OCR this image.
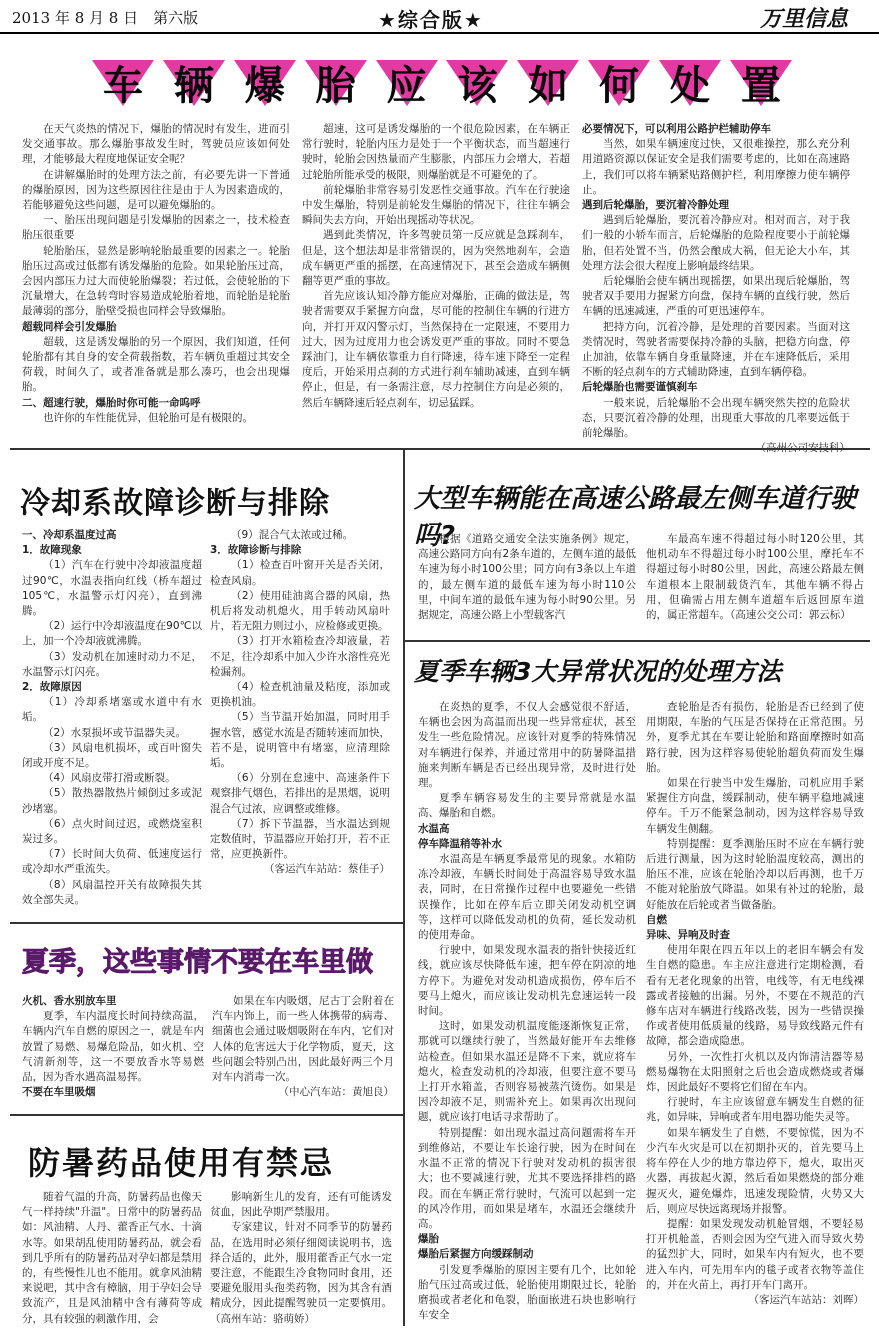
2013 年 8 月 8 日　第六版	★综合版★	万里信息
车 辆 爆 胎 应 该 如 何 处 置

在天气炎热的情况下，爆胎的情况时有发生，进而引发交通事故。那么爆胎事故发生时，驾驶员应该如何处理，才能够最大程度地保证安全呢？

在讲解爆胎时的处理方法之前，有必要先讲一下普通的爆胎原因，因为这些原因往往是由于人为因素造成的，若能够避免这些问题，是可以避免爆胎的。

一、胎压出现问题是引发爆胎的因素之一，技术检查胎压很重要

轮胎胎压，显然是影响轮胎最重要的因素之一。轮胎胎压过高或过低都有诱发爆胎的危险。如果轮胎压过高，会因内部压力过大而使轮胎爆裂；若过低，会使轮胎的下沉量增大，在急转弯时容易造成轮胎着地，而轮胎是轮胎最薄弱的部分，胎壁受损也同样会导致爆胎。

超载同样会引发爆胎

超载，这是诱发爆胎的另一个原因，我们知道，任何轮胎都有其自身的安全荷载指数，若车辆负重超过其安全荷载，时间久了，或者准备就是那么凑巧，也会出现爆胎。

二、超速行驶，爆胎时你可能一命呜呼

也许你的车性能优异，但轮胎可是有极限的。

超速，这可是诱发爆胎的一个很危险因素，在车辆正常行驶时，轮胎内压力是处于一个平衡状态，而当超速行驶时，轮胎会因热量而产生膨胀，内部压力会增大，若超过轮胎所能承受的极限，则爆胎就是不可避免的了。

前轮爆胎非常容易引发恶性交通事故。汽车在行驶途中发生爆胎，特别是前轮发生爆胎的情况下，往往车辆会瞬间失去方向，开始出现摇动等状况。

遇到此类情况，许多驾驶员第一反应就是急踩刹车，但是，这个想法却是非常错误的，因为突然地刹车，会造成车辆更严重的摇摆，在高速情况下，甚至会造成车辆侧翻等更严重的事故。

首先应该认知冷静方能应对爆胎，正确的做法是，驾驶者需要双手紧握方向盘，尽可能的控制住车辆的行进方向，并打开双闪警示灯，当然保持在一定限速，不要用力过大，因为过度用力也会诱发更严重的事故。同时不要急踩油门，让车辆依靠重力自行降速，待车速下降至一定程度后，开始采用点刹的方式进行刹车辅助减速，直到车辆停止，但是，有一条需注意，尽力控制住方向是必须的，然后车辆降速后轻点刹车，切忌猛踩。

必要情况下，可以利用公路护栏辅助停车

当然，如果车辆速度过快，又很难操控，那么充分利用道路资源以保证安全是我们需要考虑的，比如在高速路上，我们可以将车辆紧贴路侧护栏，利用摩擦力使车辆停止。

遇到后轮爆胎，要沉着冷静处理

遇到后轮爆胎，要沉着冷静应对。相对而言，对于我们一般的小轿车而言，后轮爆胎的危险程度要小于前轮爆胎，但若处置不当，仍然会酿成大祸，但无论大小车，其处理方法会很大程度上影响最终结果。

后轮爆胎会使车辆出现摇摆，如果出现后轮爆胎，驾驶者双手要用力握紧方向盘，保持车辆的直线行驶，然后车辆的迅速减速，严重的可更迅速停车。

把持方向，沉着冷静，是处理的首要因素。当面对这类情况时，驾驶者需要保持冷静的头脑，把稳方向盘，停止加油，依靠车辆自身重量降速，并在车速降低后，采用不断的轻点刹车的方式辅助降速，直到车辆停稳。

后轮爆胎也需要谨慎刹车

一般来说，后轮爆胎不会出现车辆突然失控的危险状态，只要沉着冷静的处理，出现重大事故的几率要远低于前轮爆胎。

（高州公司安技科）

冷却系故障诊断与排除

一、冷却系温度过高

1．故障现象

（1）汽车在行驶中冷却液温度超过90℃，水温表指向红线（桥车超过105℃，水温警示灯闪亮），直到沸腾。

（2）运行中冷却液温度在90℃以上，加一个冷却液就沸腾。

（3）发动机在加速时动力不足，水温警示灯闪亮。

2．故障原因

（1）冷却系堵塞或水道中有水垢。

（2）水泵损坏或节温器失灵。

（3）风扇电机损坏，或百叶窗失闭或开度不足。

（4）风扇皮带打滑或断裂。

（5）散热器散热片倾倒过多或泥沙堵塞。

（6）点火时间过迟，或燃烧室积炭过多。

（7）长时间大负荷、低速度运行或冷却水严重流失。

（8）风扇温控开关有故障损失其效全部失灵。

（9）混合气太浓或过稀。

3．故障诊断与排除

（1）检查百叶窗开关是否关闭，检查风扇。

（2）使用硅油离合器的风扇，热机后将发动机熄火，用手转动风扇叶片，若无阻力则过小，应检修或更换。

（3）打开水箱检查冷却液量，若不足，往冷却系中加入少许水溶性亮光检漏剂。

（4）检查机油量及粘度，添加或更换机油。

（5）当节温开始加温，同时用手握水管，感觉水流是否随转速而加快，若不是，说明管中有堵塞，应清理除垢。

（6）分别在怠速中、高速条件下观察排气烟色，若排出的是黑烟，说明混合气过浓，应调整或维修。

（7）拆下节温器，当水温达到规定数值时，节温器应开始打开，若不正常，应更换新件。

（客运汽车站站：蔡佳子）

大型车辆能在高速公路最左侧车道行驶吗?

根据《道路交通安全法实施条例》规定，高速公路同方向有2条车道的，左侧车道的最低车速为每小时100公里；同方向有3条以上车道的，最左侧车道的最低车速为每小时110公里，中间车道的最低车速为每小时90公里。另据规定，高速公路上小型载客汽

车最高车速不得超过每小时120公里，其他机动车不得超过每小时100公里，摩托车不得超过每小时80公里，因此，高速公路最左侧车道根本上限制载货汽车，其他车辆不得占用，但确需占用左侧车道超车后返回原车道的，属正常超车。（高速公交公司：郭云标）

夏季车辆3大异常状况的处理方法

在炎热的夏季，不仅人会感觉很不舒适，车辆也会因为高温而出现一些异常症状，甚至发生一些危险情况。应该针对夏季的特殊情况对车辆进行保养，并通过常用中的防暑降温措施来判断车辆是否已经出现异常，及时进行处理。

夏季车辆容易发生的主要异常就是水温高、爆胎和自燃。

水温高

停车降温稍等补水

水温高是车辆夏季最常见的现象。水箱防冻冷却液，车辆长时间处于高温容易导致水温表，同时，在日常操作过程中也要避免一些错误操作，比如在停车后立即关闭发动机空调等，这样可以降低发动机的负荷，延长发动机的使用寿命。

行驶中，如果发现水温表的指针快接近红线，就应该尽快降低车速，把车停在阴凉的地方停下。为避免对发动机造成损伤，停车后不要马上熄火，而应该让发动机先怠速运转一段时间。

这时，如果发动机温度能逐渐恢复正常，那就可以继续行驶了，当然最好能开车去维修站检查。但如果水温还是降不下来，就应将车熄火，检查发动机的冷却液，但要注意不要马上打开水箱盖，否则容易被蒸汽烫伤。如果是因冷却液不足，则需补充上。如果再次出现问题，就应该打电话寻求帮助了。

特别提醒：如出现水温过高问题需将车开到维修站，不要让车长途行驶，因为在时间在水温不正常的情况下行驶对发动机的损害很大；也不要减速行驶，尤其不要选择排档的路段。而在车辆正常行驶时，气流可以起到一定的风冷作用，而如果是堵车，水温还会继续升高。

爆胎

爆胎后紧握方向缓踩制动

引发夏季爆胎的原因主要有几个，比如轮胎气压过高或过低，轮胎使用期限过长，轮胎磨损或者老化和龟裂，胎面嵌进石块也影响行车安全

查轮胎是否有损伤，轮胎是否已经到了使用期限，车胎的气压是否保持在正常范围。另外，夏季尤其在车要让轮胎和路面摩擦时如高路行驶，因为这样容易使轮胎超负荷而发生爆胎。

如果在行驶当中发生爆胎，司机应用手紧紧握住方向盘，缓踩制动，使车辆平稳地减速停车。千万不能紧急制动，因为这样容易导致车辆发生侧翻。

特别提醒：夏季测胎压时不应在车辆行驶后进行测量，因为这时轮胎温度较高，测出的胎压不准，应该在轮胎冷却以后再测，也千万不能对轮胎放气降温。如果有补过的轮胎，最好能放在后轮或者当做备胎。

自燃

异味、异响及时查

使用年限在四五年以上的老旧车辆会有发生自燃的隐患。车主应注意进行定期检测，看看有无老化现象的出管，电线等，有无电线裸露或者接触的出漏。另外，不要在不规范的汽修车店对车辆进行线路改装，因为一些错误操作或者使用低质量的线路，易导致线路元件有故障，都会造成隐患。

另外，一次性打火机以及内饰清洁器等易燃易爆物在太阳照射之后也会造成燃烧或者爆炸，因此最好不要将它们留在车内。

行驶时，车主应该留意车辆发生自燃的征兆，如异味，异响或者车用电器功能失灵等。

如果车辆发生了自燃，不要惊慌，因为不少汽车火灾是可以在初期扑灭的，首先要马上将车停在人少的地方靠边停下，熄火，取出灭火器，再拔起火源，然后看如果燃烧的部分难握灭火，避免爆炸，迅速发现险情，火势又大后，则应尽快远离现场并报警。

提醒：如果发现发动机舱冒烟，不要轻易打开机舱盖，否则会因为空气进入而导致火势的猛烈扩大，同时，如果车内有短火，也不要进入车内，可先用车内的毯子或者衣物等盖住的，并在火苗上，再打开车门离开。

（客运汽车站站：刘晖）

夏季，这些事情不要在车里做

火机、香水别放车里

夏季，车内温度长时间持续高温，车辆内汽车自燃的原因之一，就是车内放置了易燃、易爆危险品，如火机、空气清新剂等，这一不要放香水等易燃品，因为香水遇高温易挥。

不要在车里吸烟

如果在车内吸烟，尼古丁会附着在汽车内饰上，而一些人体携带的病毒、细菌也会通过吸烟吸附在车内，它们对人体的危害远大于化学物质，夏天，这些问题会特别凸出，因此最好两三个月对车内消毒一次。

（中心汽车站：黄旭良）

防暑药品使用有禁忌

随着气温的升高，防暑药品也像天气一样持续"升温"。日常中的防暑药品如：风油精、人丹、藿香正气水、十滴水等。如果胡乱使用防暑药品，就会看到几乎所有的防暑药品对孕妇都是禁用的，有些慢性儿也不能用。就拿风油精来说吧，其中含有樟脑，用于孕妇会导致流产，且是风油精中含有薄荷等成分，具有较强的刺激作用，会

影响新生儿的发育，还有可能诱发贫血，因此孕期严禁服用。

专家建议，针对不同季节的防暑药品，在选用时必须仔细阅读说明书，选择合适的，此外，服用藿香正气水一定要注意，不能跟生冷食物同时食用，还要避免服用头孢类药物，因为其含有酒精成分，因此提醒驾驶员一定要慎用。（高州车站：骆萌娇）
